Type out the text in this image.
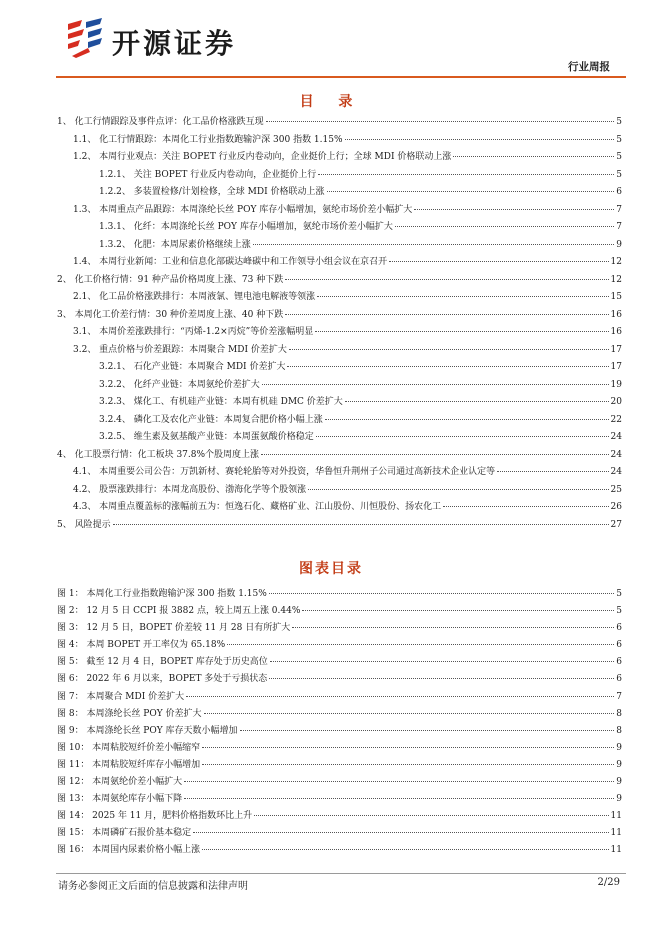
开源证券
行业周报
目 录
1、 化工行情跟踪及事件点评：化工品价格涨跌互现	5
1.1、 化工行情跟踪：本周化工行业指数跑输沪深 300 指数 1.15%	5
1.2、 本周行业观点：关注 BOPET 行业反内卷动向，企业挺价上行；全球 MDI 价格联动上涨	5
1.2.1、 关注 BOPET 行业反内卷动向，企业挺价上行	5
1.2.2、 多装置检修/计划检修，全球 MDI 价格联动上涨	6
1.3、 本周重点产品跟踪：本周涤纶长丝 POY 库存小幅增加，氨纶市场价差小幅扩大	7
1.3.1、 化纤：本周涤纶长丝 POY 库存小幅增加，氨纶市场价差小幅扩大	7
1.3.2、 化肥：本周尿素价格继续上涨	9
1.4、 本周行业新闻：工业和信息化部碳达峰碳中和工作领导小组会议在京召开	12
2、 化工价格行情：91 种产品价格周度上涨、73 种下跌	12
2.1、 化工品价格涨跌排行：本周液氯、锂电池电解液等领涨	15
3、 本周化工价差行情：30 种价差周度上涨、40 种下跌	16
3.1、 本周价差涨跌排行：“丙烯-1.2×丙烷”等价差涨幅明显	16
3.2、 重点价格与价差跟踪：本周聚合 MDI 价差扩大	17
3.2.1、 石化产业链：本周聚合 MDI 价差扩大	17
3.2.2、 化纤产业链：本周氨纶价差扩大	19
3.2.3、 煤化工、有机硅产业链：本周有机硅 DMC 价差扩大	20
3.2.4、 磷化工及农化产业链：本周复合肥价格小幅上涨	22
3.2.5、 维生素及氨基酸产业链：本周蛋氨酸价格稳定	24
4、 化工股票行情：化工板块 37.8%个股周度上涨	24
4.1、 本周重要公司公告：万凯新材、赛轮轮胎等对外投资，华鲁恒升荆州子公司通过高新技术企业认定等	24
4.2、 股票涨跌排行：本周龙高股份、渤海化学等个股领涨	25
4.3、 本周重点覆盖标的涨幅前五为：恒逸石化、藏格矿业、江山股份、川恒股份、扬农化工	26
5、 风险提示	27
图表目录
图 1： 本周化工行业指数跑输沪深 300 指数 1.15%	5
图 2： 12 月 5 日 CCPI 报 3882 点，较上周五上涨 0.44%	5
图 3： 12 月 5 日，BOPET 价差较 11 月 28 日有所扩大	6
图 4： 本周 BOPET 开工率仅为 65.18%	6
图 5： 截至 12 月 4 日，BOPET 库存处于历史高位	6
图 6： 2022 年 6 月以来，BOPET 多处于亏损状态	6
图 7： 本周聚合 MDI 价差扩大	7
图 8： 本周涤纶长丝 POY 价差扩大	8
图 9： 本周涤纶长丝 POY 库存天数小幅增加	8
图 10： 本周粘胶短纤价差小幅缩窄	9
图 11： 本周粘胶短纤库存小幅增加	9
图 12： 本周氨纶价差小幅扩大	9
图 13： 本周氨纶库存小幅下降	9
图 14： 2025 年 11 月，肥料价格指数环比上升	11
图 15： 本周磷矿石报价基本稳定	11
图 16： 本周国内尿素价格小幅上涨	11
请务必参阅正文后面的信息披露和法律声明	2/29
